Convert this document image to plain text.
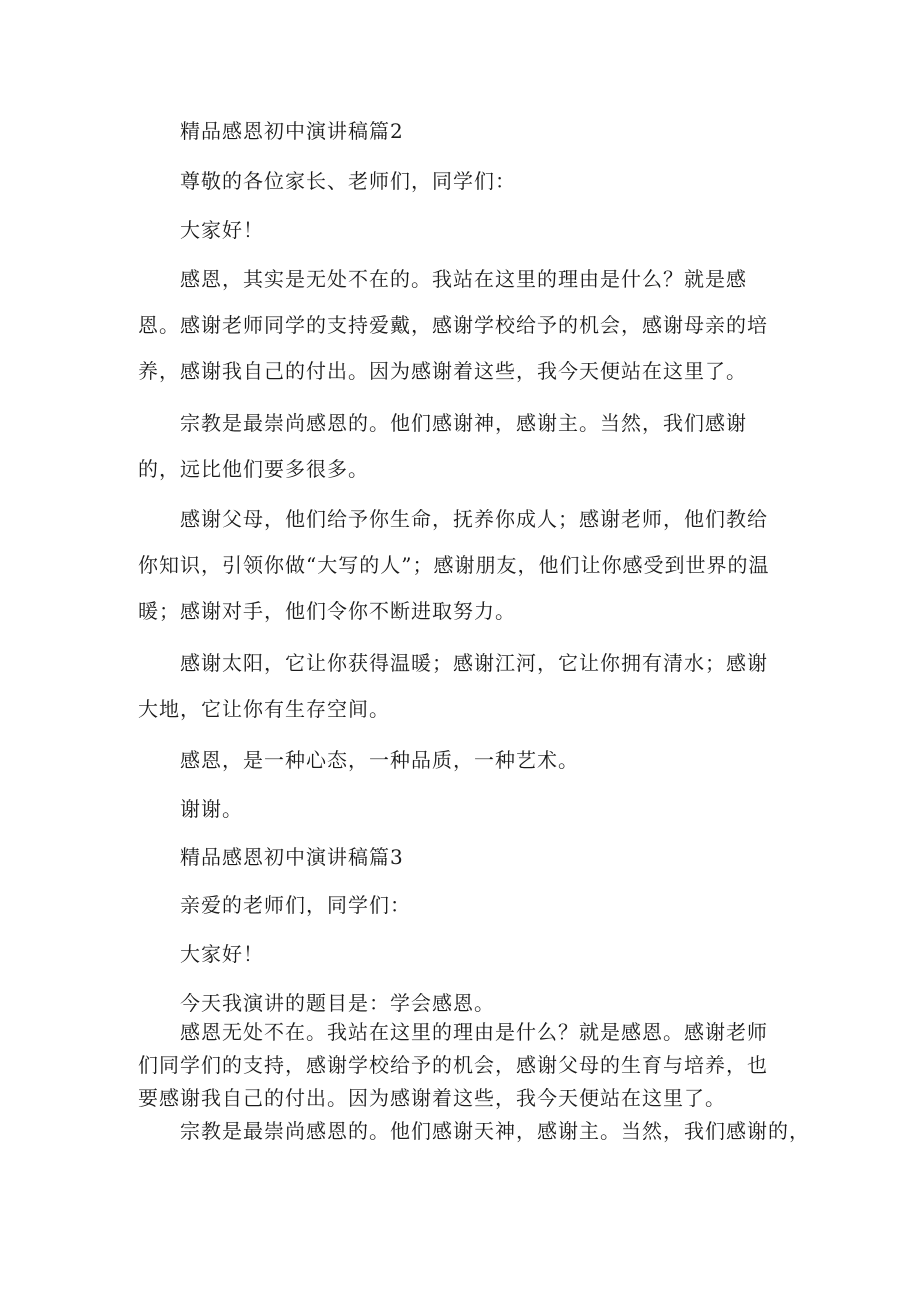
精品感恩初中演讲稿篇2

尊敬的各位家长、老师们，同学们：

大家好！

感恩，其实是无处不在的。我站在这里的理由是什么？就是感恩。感谢老师同学的支持爱戴，感谢学校给予的机会，感谢母亲的培养，感谢我自己的付出。因为感谢着这些，我今天便站在这里了。

宗教是最崇尚感恩的。他们感谢神，感谢主。当然，我们感谢的，远比他们要多很多。

感谢父母，他们给予你生命，抚养你成人；感谢老师，他们教给你知识，引领你做“大写的人”；感谢朋友，他们让你感受到世界的温暖；感谢对手，他们令你不断进取努力。

感谢太阳，它让你获得温暖；感谢江河，它让你拥有清水；感谢大地，它让你有生存空间。

感恩，是一种心态，一种品质，一种艺术。

谢谢。

精品感恩初中演讲稿篇3

亲爱的老师们，同学们：

大家好！

今天我演讲的题目是：学会感恩。

感恩无处不在。我站在这里的理由是什么？就是感恩。感谢老师们同学们的支持，感谢学校给予的机会，感谢父母的生育与培养，也要感谢我自己的付出。因为感谢着这些，我今天便站在这里了。

宗教是最崇尚感恩的。他们感谢天神，感谢主。当然，我们感谢的，
